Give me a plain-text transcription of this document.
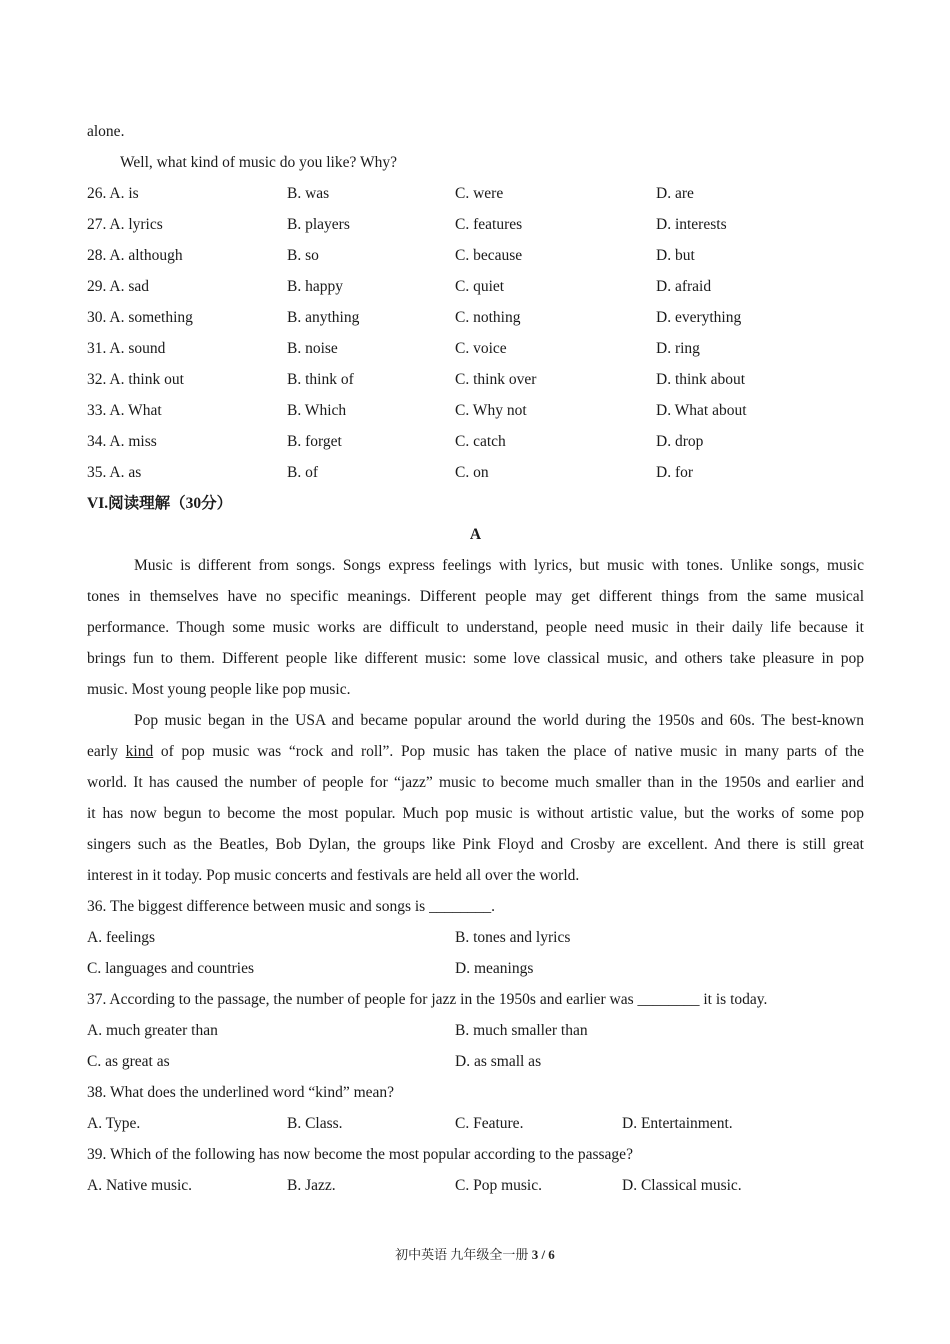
alone.
Well, what kind of music do you like? Why?
26. A. is	B. was	C. were	D. are
27. A. lyrics	B. players	C. features	D. interests
28. A. although	B. so	C. because	D. but
29. A. sad	B. happy	C. quiet	D. afraid
30. A. something	B. anything	C. nothing	D. everything
31. A. sound	B. noise	C. voice	D. ring
32. A. think out	B. think of	C. think over	D. think about
33. A. What	B. Which	C. Why not	D. What about
34. A. miss	B. forget	C. catch	D. drop
35. A. as	B. of	C. on	D. for
VI.阅读理解（30分）
A
Music is different from songs. Songs express feelings with lyrics, but music with tones. Unlike songs, music
tones in themselves have no specific meanings. Different people may get different things from the same musical
performance. Though some music works are difficult to understand, people need music in their daily life because it
brings fun to them. Different people like different music: some love classical music, and others take pleasure in pop
music. Most young people like pop music.
Pop music began in the USA and became popular around the world during the 1950s and 60s. The best-known
early kind of pop music was “rock and roll”. Pop music has taken the place of native music in many parts of the
world. It has caused the number of people for “jazz” music to become much smaller than in the 1950s and earlier and
it has now begun to become the most popular. Much pop music is without artistic value, but the works of some pop
singers such as the Beatles, Bob Dylan, the groups like Pink Floyd and Crosby are excellent. And there is still great
interest in it today. Pop music concerts and festivals are held all over the world.
36. The biggest difference between music and songs is ________.
A. feelings	B. tones and lyrics
C. languages and countries	D. meanings
37. According to the passage, the number of people for jazz in the 1950s and earlier was ________ it is today.
A. much greater than	B. much smaller than
C. as great as	D. as small as
38. What does the underlined word “kind” mean?
A. Type.	B. Class.	C. Feature.	D. Entertainment.
39. Which of the following has now become the most popular according to the passage?
A. Native music.	B. Jazz.	C. Pop music.	D. Classical music.
初中英语 九年级全一册 3 / 6
